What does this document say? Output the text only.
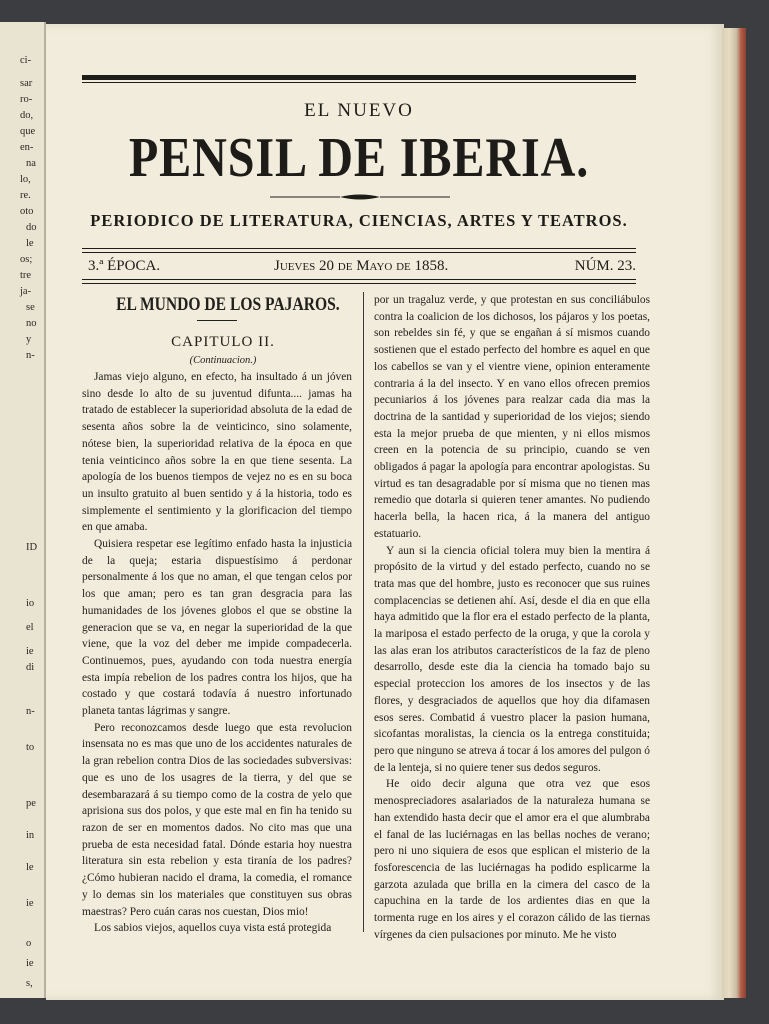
ci-
sar
ro-
do,
que
en-
na
lo,
re.
oto
do
le
os;
tre
ja-
se
no
y
n-
ID
io
el
ie
di
n-
to
pe
in
le
ie
o
ie
s,
EL NUEVO
PENSIL DE IBERIA.
PERIODICO DE LITERATURA, CIENCIAS, ARTES Y TEATROS.
3.ª ÉPOCA.	Jueves 20 de Mayo de 1858.	NÚM. 23.

EL MUNDO DE LOS PAJAROS.

CAPITULO II.

(Continuacion.)

Jamas viejo alguno, en efecto, ha insultado á un jóven sino desde lo alto de su juventud difunta.... jamas ha tratado de establecer la superioridad absoluta de la edad de sesenta años sobre la de veinticinco, sino solamente, nótese bien, la superioridad relativa de la época en que tenia veinticinco años sobre la en que tiene sesenta. La apología de los buenos tiempos de vejez no es en su boca un insulto gratuito al buen sentido y á la historia, todo es simplemente el sentimiento y la glorificacion del tiempo en que amaba.

Quisiera respetar ese legítimo enfado hasta la injusticia de la queja; estaria dispuestísimo á perdonar personalmente á los que no aman, el que tengan celos por los que aman; pero es tan gran desgracia para las humanidades de los jóvenes globos el que se obstine la generacion que se va, en negar la superioridad de la que viene, que la voz del deber me impide compadecerla. Continuemos, pues, ayudando con toda nuestra energía esta impía rebelion de los padres contra los hijos, que ha costado y que costará todavía á nuestro infortunado planeta tantas lágrimas y sangre.

Pero reconozcamos desde luego que esta revolucion insensata no es mas que uno de los accidentes naturales de la gran rebelion contra Dios de las sociedades subversivas: que es uno de los usagres de la tierra, y del que se desembarazará á su tiempo como de la costra de yelo que aprisiona sus dos polos, y que este mal en fin ha tenido su razon de ser en momentos dados. No cito mas que una prueba de esta necesidad fatal. Dónde estaria hoy nuestra literatura sin esta rebelion y esta tiranía de los padres? ¿Cómo hubieran nacido el drama, la comedia, el romance y lo demas sin los materiales que constituyen sus obras maestras? Pero cuán caras nos cuestan, Dios mio!

Los sabios viejos, aquellos cuya vista está protegida

por un tragaluz verde, y que protestan en sus conciliábulos contra la coalicion de los dichosos, los pájaros y los poetas, son rebeldes sin fé, y que se engañan á sí mismos cuando sostienen que el estado perfecto del hombre es aquel en que los cabellos se van y el vientre viene, opinion enteramente contraria á la del insecto. Y en vano ellos ofrecen premios pecuniarios á los jóvenes para realzar cada dia mas la doctrina de la santidad y superioridad de los viejos; siendo esta la mejor prueba de que mienten, y ni ellos mismos creen en la potencia de su principio, cuando se ven obligados á pagar la apología para encontrar apologistas. Su virtud es tan desagradable por sí misma que no tienen mas remedio que dotarla si quieren tener amantes. No pudiendo hacerla bella, la hacen rica, á la manera del antiguo estatuario.

Y aun si la ciencia oficial tolera muy bien la mentira á propósito de la virtud y del estado perfecto, cuando no se trata mas que del hombre, justo es reconocer que sus ruines complacencias se detienen ahí. Así, desde el dia en que ella haya admitido que la flor era el estado perfecto de la planta, la mariposa el estado perfecto de la oruga, y que la corola y las alas eran los atributos característicos de la faz de pleno desarrollo, desde este dia la ciencia ha tomado bajo su especial proteccion los amores de los insectos y de las flores, y desgraciados de aquellos que hoy dia difamasen esos seres. Combatid á vuestro placer la pasion humana, sicofantas moralistas, la ciencia os la entrega constituida; pero que ninguno se atreva á tocar á los amores del pulgon ó de la lenteja, si no quiere tener sus dedos seguros.

He oido decir alguna que otra vez que esos menospreciadores asalariados de la naturaleza humana se han extendido hasta decir que el amor era el que alumbraba el fanal de las luciérnagas en las bellas noches de verano; pero ni uno siquiera de esos que esplican el misterio de la fosforescencia de las luciérnagas ha podido esplicarme la garzota azulada que brilla en la cimera del casco de la capuchina en la tarde de los ardientes dias en que la tormenta ruge en los aires y el corazon cálido de las tiernas vírgenes da cien pulsaciones por minuto. Me he visto
